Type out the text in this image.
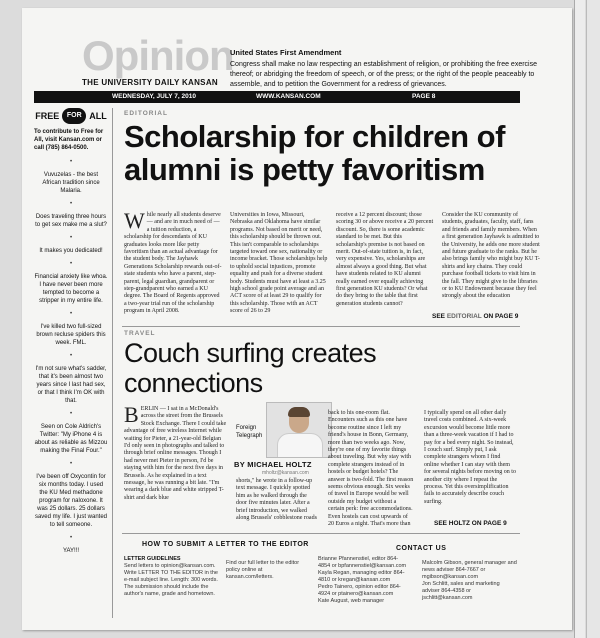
Opinion
THE UNIVERSITY DAILY KANSAN
United States First Amendment
Congress shall make no law respecting an establishment of religion, or prohibiting the free exercise thereof; or abridging the freedom of speech, or of the press; or the right of the people peaceably to assemble, and to petition the Government for a redress of grievances.
WEDNESDAY, JULY 7, 2010	WWW.KANSAN.COM	PAGE 8
FREE	FOR ALL
To contribute to Free for All, visit Kansan.com or call (785) 864-0500.
•
Vuvuzelas - the best African tradition since Malaria.
•
Does traveling three hours to get sex make me a slut?
•
It makes you dedicated!
•
Financial anxiety like whoa. I have never been more tempted to become a stripper in my entire life.
•
I've killed two full-sized brown recluse spiders this week. FML.
•
I'm not sure what's sadder, that it's been almost two years since I last had sex, or that I think I'm OK with that.
•
Seen on Cole Aldrich's Twitter: "My iPhone 4 is about as reliable as Mizzou making the Final Four."
•
I've been off Oxycontin for six months today. I used the KU Med methadone program for naloxone. It was 25 dollars. 25 dollars saved my life. I just wanted to tell someone.
•
YAY!!!
EDITORIAL
Scholarship for children of alumni is petty favoritism
W hile nearly all students deserve — and are in much need of — a tuition reduction, a scholarship for descendants of KU graduates looks more like petty favoritism than an actual advantage for the student body. The Jayhawk Generations Scholarship rewards out-of-state students who have a parent, step-parent, legal guardian, grandparent or step-grandparent who earned a KU degree. The Board of Regents approved a two-year trial run of the scholarship program in April 2008.

Universities in Iowa, Missouri, Nebraska and Oklahoma have similar programs. Not based on merit or need, this scholarship should be thrown out. This isn't comparable to scholarships targeted toward one sex, nationality or income bracket. Those scholarships help to uphold social injustices, promote equality and push for a diverse student body. Students must have at least a 3.25 high school grade point average and an ACT score of at least 29 to qualify for this scholarship. Those with an ACT score of 26 to 29

receive a 12 percent discount; those scoring 30 or above receive a 20 percent discount. So, there is some academic standard to be met. But this scholarship's premise is not based on merit. Out-of-state tuition is, in fact, very expensive. Yes, scholarships are almost always a good thing. But what have students related to KU alumni really earned over equally achieving first generation KU students? Or what do they bring to the table that first generation students cannot?

Consider the KU community of students, graduates, faculty, staff, fans and friends and family members. When a first generation Jayhawk is admitted to the University, he adds one more student and future graduate to the ranks. But he also brings family who might buy KU T-shirts and key chains. They could purchase football tickets to visit him in the fall. They might give to the libraries or to KU Endowment because they feel strongly about the education

SEE EDITORIAL ON PAGE 9
TRAVEL
Couch surfing creates connections
B ERLIN — I sat in a McDonald's across the street from the Brussels Stock Exchange. There I could take advantage of free wireless Internet while waiting for Pieter, a 21-year-old Belgian I'd only seen in photographs and talked to through brief online messages. Though I had never met Pieter in person, I'd be staying with him for the next five days in Brussels. As he explained in a text message, he was running a bit late. "I'm wearing a dark blue and white stripped T-shirt and dark blue

Foreign
Telegraph
BY MICHAEL HOLTZ
mholtz@kansan.com

shorts," he wrote in a follow-up text message. I quickly spotted him as he walked through the door five minutes later. After a brief introduction, we walked along Brussels' cobblestone roads

back to his one-room flat. Encounters such as this one have become routine since I left my friend's house in Bonn, Germany, more than two weeks ago. Now, they're one of my favorite things about traveling. But why stay with complete strangers instead of in hostels or budget hotels? The answer is two-fold. The first reason seems obvious enough. Six weeks of travel in Europe would be well outside my budget without a certain perk: free accommodations. Even hostels can cost upwards of 20 Euros a night. That's more than

I typically spend on all other daily travel costs combined. A six-week excursion would become little more than a three-week vacation if I had to pay for a bed every night. So instead, I couch surf. Simply put, I ask complete strangers whom I find online whether I can stay with them for several nights before moving on to another city where I repeat the process. Yet this oversimplification fails to accurately describe couch surfing.

SEE HOLTZ ON PAGE 9
HOW TO SUBMIT A LETTER TO THE EDITOR
LETTER GUIDELINES
Send letters to opinion@kansan.com. Write LETTER TO THE EDITOR in the e-mail subject line. Length: 300 words. The submission should include the author's name, grade and hometown.
Find our full letter to the editor policy online at kansan.com/letters.
CONTACT US
Brianne Pfannenstiel, editor 864-4854 or bpfannenstiel@kansan.com
Kayla Regan, managing editor 864-4810 or kregan@kansan.com
Pedro Tainero, opinion editor 864-4924 or ptainero@kansan.com
Kate August, web manager
Malcolm Gibson, general manager and news adviser 864-7667 or mgibson@kansan.com
Jon Schlitt, sales and marketing adviser 864-4358 or jschlitt@kansan.com
